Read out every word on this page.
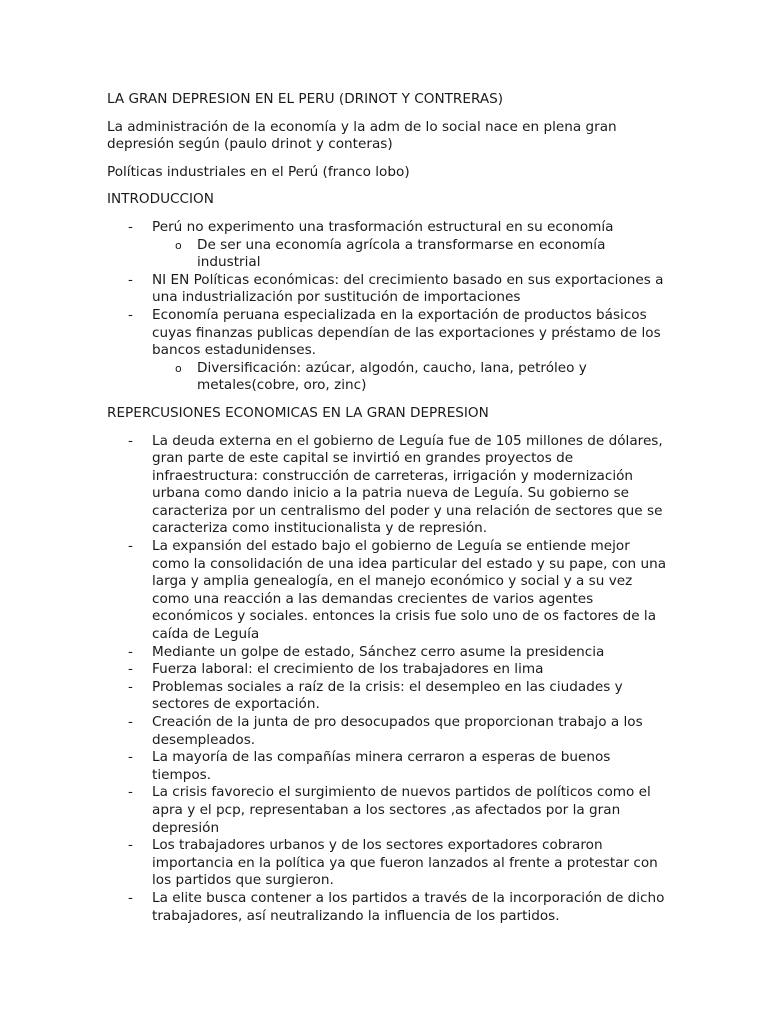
LA GRAN DEPRESION EN EL PERU (DRINOT Y CONTRERAS)

La administración de la economía y la adm de lo social nace en plena gran depresión según (paulo drinot y conteras)

Políticas industriales en el Perú (franco lobo)

INTRODUCCION

- Perú no experimento una trasformación estructural en su economía
o De ser una economía agrícola a transformarse en economía industrial
- NI EN Políticas económicas: del crecimiento basado en sus exportaciones a una industrialización por sustitución de importaciones
- Economía peruana especializada en la exportación de productos básicos cuyas finanzas publicas dependían de las exportaciones y préstamo de los bancos estadunidenses.
o Diversificación: azúcar, algodón, caucho, lana, petróleo y metales(cobre, oro, zinc)

REPERCUSIONES ECONOMICAS EN LA GRAN DEPRESION

- La deuda externa en el gobierno de Leguía fue de 105 millones de dólares, gran parte de este capital se invirtió en grandes proyectos de infraestructura: construcción de carreteras, irrigación y modernización urbana como dando inicio a la patria nueva de Leguía. Su gobierno se caracteriza por un centralismo del poder y una relación de sectores que se caracteriza como institucionalista y de represión.
- La expansión del estado bajo el gobierno de Leguía se entiende mejor como la consolidación de una idea particular del estado y su pape, con una larga y amplia genealogía, en el manejo económico y social y a su vez como una reacción a las demandas crecientes de varios agentes económicos y sociales. entonces la crisis fue solo uno de os factores de la caída de Leguía
- Mediante un golpe de estado, Sánchez cerro asume la presidencia
- Fuerza laboral: el crecimiento de los trabajadores en lima
- Problemas sociales a raíz de la crisis: el desempleo en las ciudades y sectores de exportación.
- Creación de la junta de pro desocupados que proporcionan trabajo a los desempleados.
- La mayoría de las compañías minera cerraron a esperas de buenos tiempos.
- La crisis favorecio el surgimiento de nuevos partidos de políticos como el apra y el pcp, representaban a los sectores ,as afectados por la gran depresión
- Los trabajadores urbanos y de los sectores exportadores cobraron importancia en la política ya que fueron lanzados al frente a protestar con los partidos que surgieron.
- La elite busca contener a los partidos a través de la incorporación de dicho trabajadores, así neutralizando la influencia de los partidos.
